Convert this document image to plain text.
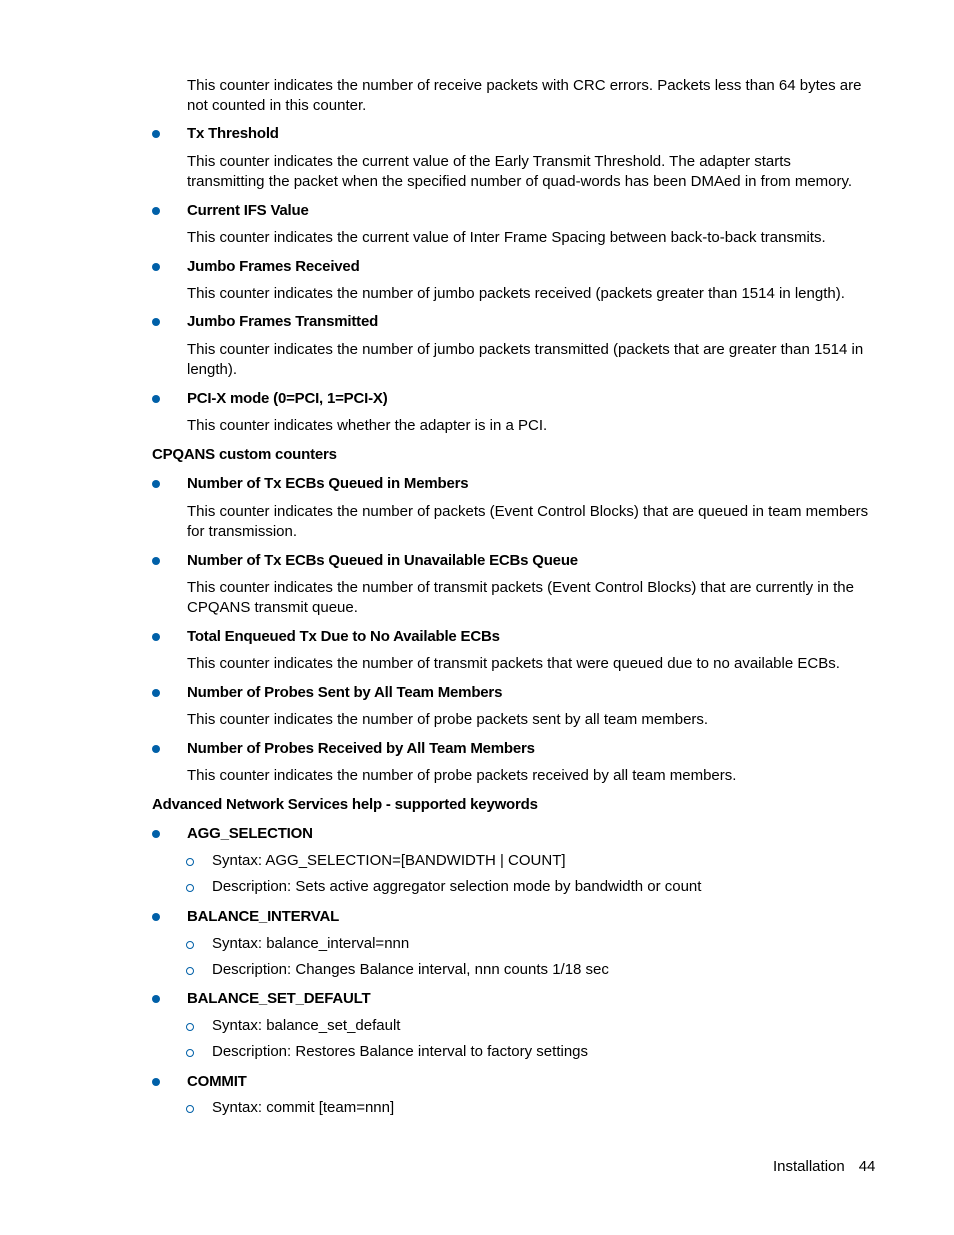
This counter indicates the number of receive packets with CRC errors. Packets less than 64 bytes are not counted in this counter.

Tx Threshold

This counter indicates the current value of the Early Transmit Threshold. The adapter starts transmitting the packet when the specified number of quad-words has been DMAed in from memory.

Current IFS Value

This counter indicates the current value of Inter Frame Spacing between back-to-back transmits.

Jumbo Frames Received

This counter indicates the number of jumbo packets received (packets greater than 1514 in length).

Jumbo Frames Transmitted

This counter indicates the number of jumbo packets transmitted (packets that are greater than 1514 in length).

PCI-X mode (0=PCI, 1=PCI-X)

This counter indicates whether the adapter is in a PCI.

CPQANS custom counters
Number of Tx ECBs Queued in Members

This counter indicates the number of packets (Event Control Blocks) that are queued in team members for transmission.

Number of Tx ECBs Queued in Unavailable ECBs Queue

This counter indicates the number of transmit packets (Event Control Blocks) that are currently in the CPQANS transmit queue.

Total Enqueued Tx Due to No Available ECBs

This counter indicates the number of transmit packets that were queued due to no available ECBs.

Number of Probes Sent by All Team Members

This counter indicates the number of probe packets sent by all team members.

Number of Probes Received by All Team Members

This counter indicates the number of probe packets received by all team members.

Advanced Network Services help - supported keywords
AGG_SELECTION
Syntax: AGG_SELECTION=[BANDWIDTH | COUNT]
Description: Sets active aggregator selection mode by bandwidth or count
BALANCE_INTERVAL
Syntax: balance_interval=nnn
Description: Changes Balance interval, nnn counts 1/18 sec
BALANCE_SET_DEFAULT
Syntax: balance_set_default
Description: Restores Balance interval to factory settings
COMMIT
Syntax: commit [team=nnn]
Installation 44
